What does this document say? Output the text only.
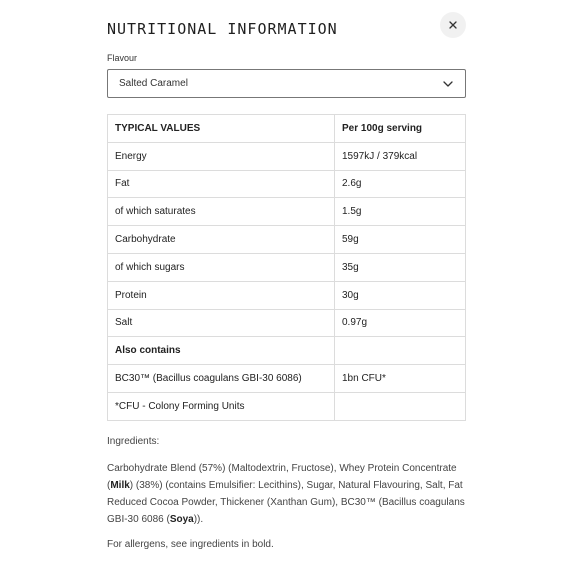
NUTRITIONAL INFORMATION
Flavour
Salted Caramel
TYPICAL VALUES	Per 100g serving
Energy	1597kJ / 379kcal
Fat	2.6g
of which saturates	1.5g
Carbohydrate	59g
of which sugars	35g
Protein	30g
Salt	0.97g
Also contains	
BC30™ (Bacillus coagulans GBI-30 6086)	1bn CFU*
*CFU - Colony Forming Units	
Ingredients:
Carbohydrate Blend (57%) (Maltodextrin, Fructose), Whey Protein Concentrate (Milk) (38%) (contains Emulsifier: Lecithins), Sugar, Natural Flavouring, Salt, Fat Reduced Cocoa Powder, Thickener (Xanthan Gum), BC30™ (Bacillus coagulans GBI-30 6086 (Soya)).
For allergens, see ingredients in bold.
